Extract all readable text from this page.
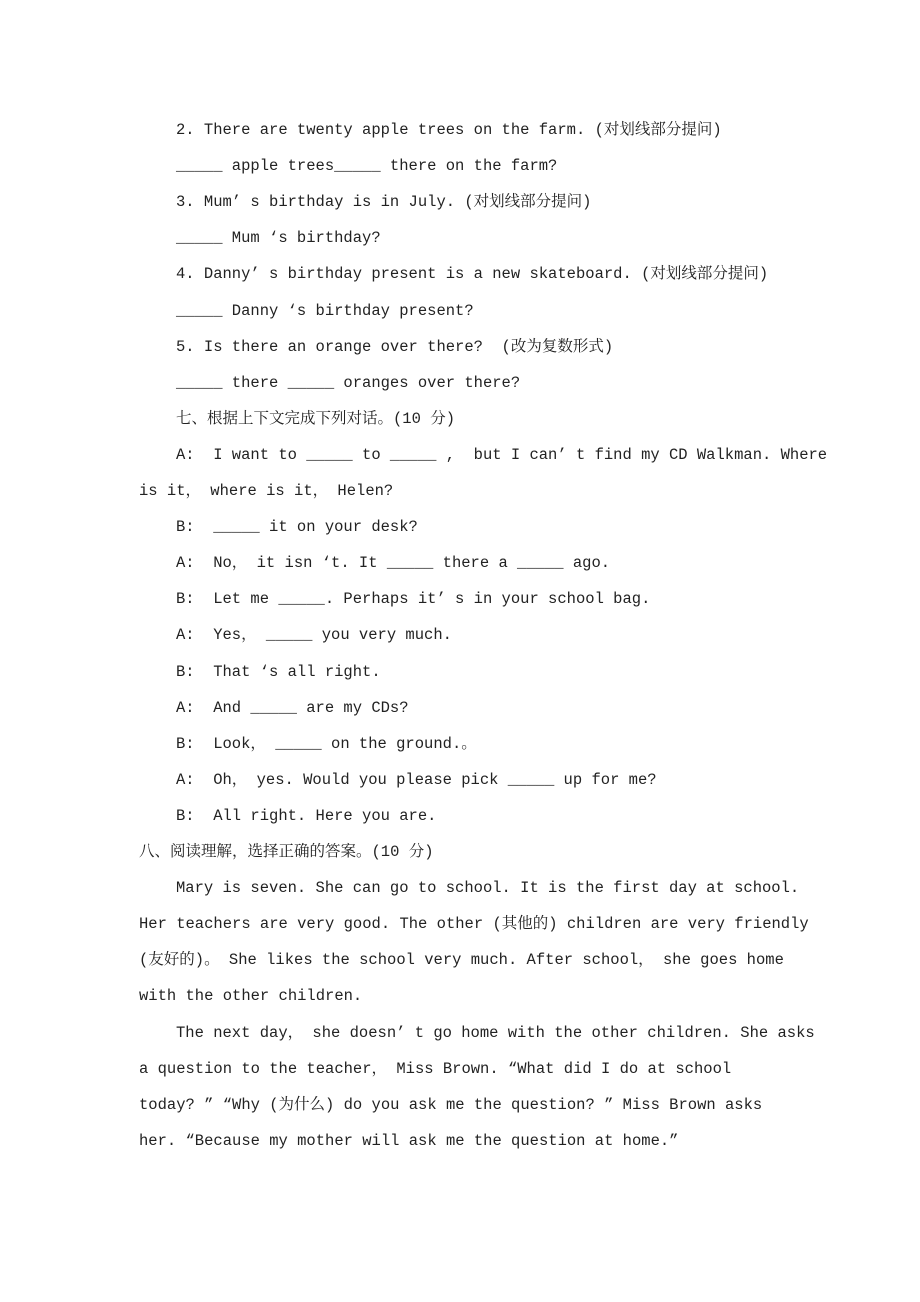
2. There are twenty apple trees on the farm. (对划线部分提问)
_____ apple trees_____ there on the farm?
3. Mum’ s birthday is in July. (对划线部分提问)
_____ Mum ‘s birthday?
4. Danny’ s birthday present is a new skateboard. (对划线部分提问)
_____ Danny ‘s birthday present?
5. Is there an orange over there?  (改为复数形式)
_____ there _____ oranges over there?
七、根据上下文完成下列对话。(10 分)
A:  I want to _____ to _____ ,  but I can’ t find my CD Walkman. Where
is it， where is it， Helen?
B:  _____ it on your desk?
A:  No， it isn ‘t. It _____ there a _____ ago.
B:  Let me _____. Perhaps it’ s in your school bag.
A:  Yes， _____ you very much.
B:  That ‘s all right.
A:  And _____ are my CDs?
B:  Look， _____ on the ground.。
A:  Oh， yes. Would you please pick _____ up for me?
B:  All right. Here you are.
八、阅读理解，选择正确的答案。(10 分)
Mary is seven. She can go to school. It is the first day at school.
Her teachers are very good. The other (其他的) children are very friendly
(友好的)。 She likes the school very much. After school， she goes home
with the other children.
The next day， she doesn’ t go home with the other children. She asks
a question to the teacher， Miss Brown. “What did I do at school
today? ” “Why (为什么) do you ask me the question? ” Miss Brown asks
her. “Because my mother will ask me the question at home.”
